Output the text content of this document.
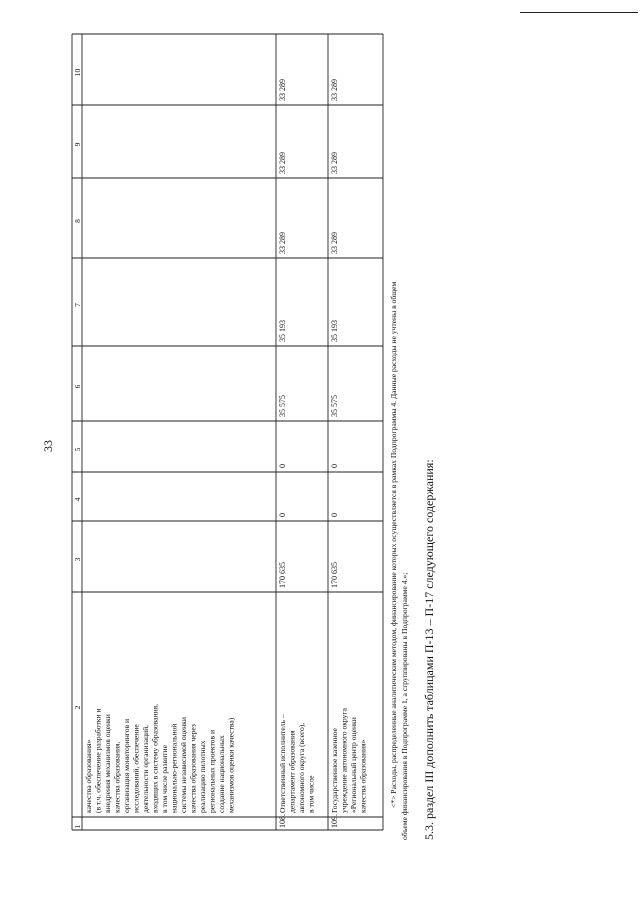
33
1
2
3
4
5
6
7
8
9
10
качества образования» (в т.ч. обеспечение разработки и внедрения механизмов оценки качества образования, организация мониторингов и исследований, обеспечение деятельности организаций, входящих в систему образования, в том числе развитие национально-региональной системы независимой оценки качества образования через реализацию пилотных региональных проектов и создание национальных механизмов оценки качества)
108.
Ответственный исполнитель – департамент образования автономного округа (всего), в том числе
170 635
0
0
35 575
35 193
33 289
33 289
33 289
109.
Государственное казенное учреждение автономного округа «Региональный центр оценки качества образования»
170 635
0
0
35 575
35 193
33 289
33 289
33 289
<*> Расходы, распределенные аналитическим методом, финансирование которых осуществляется в рамках Подпрограммы 4. Данные расходы не учтены в общем объеме финансирования в Подпрограмме 1, а сгруппированы в Подпрограмме 4.»; 5.3. раздел III дополнить таблицами П-13 – П-17 следующего содержания:
